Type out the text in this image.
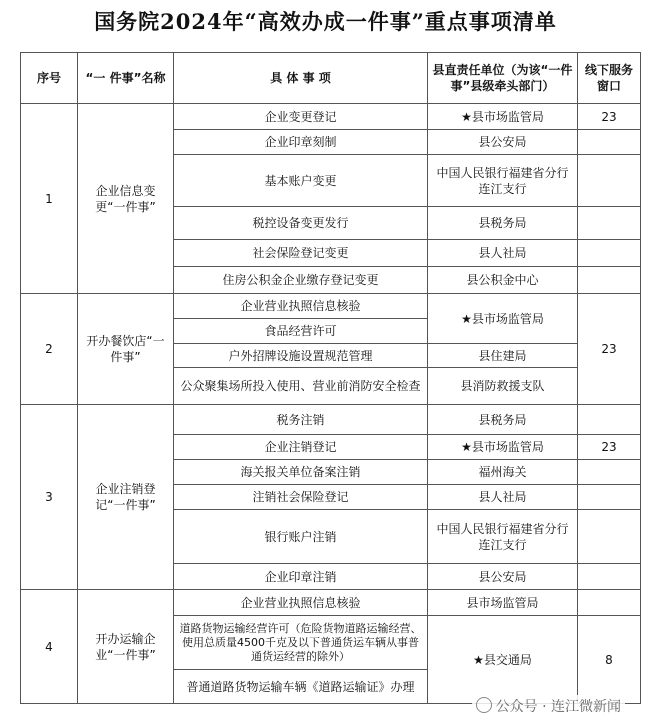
国务院2024年“高效办成一件事”重点事项清单
序号	“一 件事”名称	具 体 事 项	县直责任单位（为该“一件事”县级牵头部门）	线下服务窗口
1	企业信息变更“一件事”	企业变更登记	★县市场监管局	23
		企业印章刻制	县公安局	
		基本账户变更	中国人民银行福建省分行连江支行	
		税控设备变更发行	县税务局	
		社会保险登记变更	县人社局	
		住房公积金企业缴存登记变更	县公积金中心	
2	开办餐饮店“一件事”	企业营业执照信息核验	★县市场监管局	23
		食品经营许可		
		户外招牌设施设置规范管理	县住建局	
		公众聚集场所投入使用、营业前消防安全检查	县消防救援支队	
3	企业注销登记“一件事”	税务注销	县税务局	
		企业注销登记	★县市场监管局	23
		海关报关单位备案注销	福州海关	
		注销社会保险登记	县人社局	
		银行账户注销	中国人民银行福建省分行连江支行	
		企业印章注销	县公安局	
4	开办运输企业“一件事”	企业营业执照信息核验	县市场监管局	
		道路货物运输经营许可（危险货物道路运输经营、使用总质量4500千克及以下普通货运车辆从事普通货运经营的除外）	★县交通局	8
		普通道路货物运输车辆《道路运输证》办理		
公众号 · 连江微新闻
